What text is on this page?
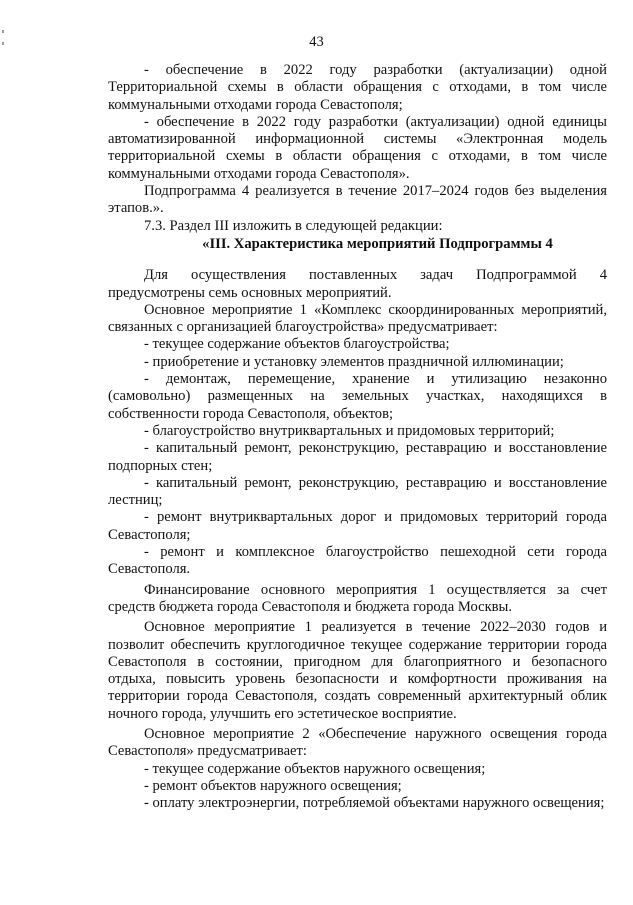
43

- обеспечение в 2022 году разработки (актуализации) одной Территориальной схемы в области обращения с отходами, в том числе коммунальными отходами города Севастополя;

- обеспечение в 2022 году разработки (актуализации) одной единицы автоматизированной информационной системы «Электронная модель территориальной схемы в области обращения с отходами, в том числе коммунальными отходами города Севастополя».

Подпрограмма 4 реализуется в течение 2017–2024 годов без выделения этапов.».

7.3. Раздел III изложить в следующей редакции:

«III. Характеристика мероприятий Подпрограммы 4

Для осуществления поставленных задач Подпрограммой 4 предусмотрены семь основных мероприятий.

Основное мероприятие 1 «Комплекс скоординированных мероприятий, связанных с организацией благоустройства» предусматривает:

- текущее содержание объектов благоустройства;

- приобретение и установку элементов праздничной иллюминации;

- демонтаж, перемещение, хранение и утилизацию незаконно (самовольно) размещенных на земельных участках, находящихся в собственности города Севастополя, объектов;

- благоустройство внутриквартальных и придомовых территорий;

- капитальный ремонт, реконструкцию, реставрацию и восстановление подпорных стен;

- капитальный ремонт, реконструкцию, реставрацию и восстановление лестниц;

- ремонт внутриквартальных дорог и придомовых территорий города Севастополя;

- ремонт и комплексное благоустройство пешеходной сети города Севастополя.

Финансирование основного мероприятия 1 осуществляется за счет средств бюджета города Севастополя и бюджета города Москвы.

Основное мероприятие 1 реализуется в течение 2022–2030 годов и позволит обеспечить круглогодичное текущее содержание территории города Севастополя в состоянии, пригодном для благоприятного и безопасного отдыха, повысить уровень безопасности и комфортности проживания на территории города Севастополя, создать современный архитектурный облик ночного города, улучшить его эстетическое восприятие.

Основное мероприятие 2 «Обеспечение наружного освещения города Севастополя» предусматривает:

- текущее содержание объектов наружного освещения;

- ремонт объектов наружного освещения;

- оплату электроэнергии, потребляемой объектами наружного освещения;
